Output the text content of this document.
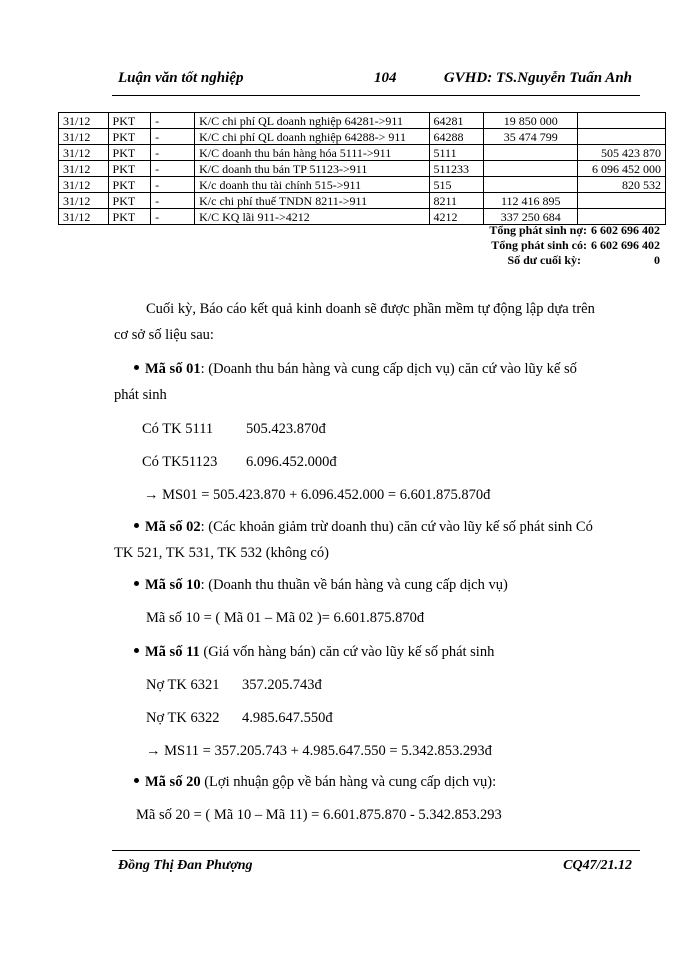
Luận văn tốt nghiệp	104	GVHD: TS.Nguyễn Tuấn Anh
31/12	PKT	-	K/C chi phí QL doanh nghiệp 64281->911	64281	19 850 000	
31/12	PKT	-	K/C chi phí QL doanh nghiệp 64288-> 911	64288	35 474 799	
31/12	PKT	-	K/C doanh thu bán hàng hóa 5111->911	5111		505 423 870
31/12	PKT	-	K/C doanh thu bán TP 51123->911	511233		6 096 452 000
31/12	PKT	-	K/c doanh thu tài chính 515->911	515		820 532
31/12	PKT	-	K/c chi phí thuế TNDN 8211->911	8211	112 416 895	
31/12	PKT	-	K/C KQ lãi 911->4212	4212	337 250 684	
Tổng phát sinh nợ: 6 602 696 402
Tổng phát sinh có: 6 602 696 402
Số dư cuối kỳ:	0
Cuối kỳ, Báo cáo kết quả kinh doanh sẽ được phần mềm tự động lập dựa trên
cơ sở số liệu sau:
Mã số 01: (Doanh thu bán hàng và cung cấp dịch vụ) căn cứ vào lũy kế số
phát sinh
Có TK 5111 505.423.870đ
Có TK51123 6.096.452.000đ
→ MS01 = 505.423.870 + 6.096.452.000 = 6.601.875.870đ
Mã số 02: (Các khoản giảm trừ doanh thu) căn cứ vào lũy kế số phát sinh Có
TK 521, TK 531, TK 532 (không có)
Mã số 10: (Doanh thu thuần về bán hàng và cung cấp dịch vụ)
Mã số 10 = ( Mã 01 – Mã 02 )= 6.601.875.870đ
Mã số 11 (Giá vốn hàng bán) căn cứ vào lũy kế số phát sinh
Nợ TK 6321 357.205.743đ
Nợ TK 6322 4.985.647.550đ
→ MS11 = 357.205.743 + 4.985.647.550 = 5.342.853.293đ
Mã số 20 (Lợi nhuận gộp về bán hàng và cung cấp dịch vụ):
Mã số 20 = ( Mã 10 – Mã 11) = 6.601.875.870 - 5.342.853.293
Đồng Thị Đan Phượng	CQ47/21.12
